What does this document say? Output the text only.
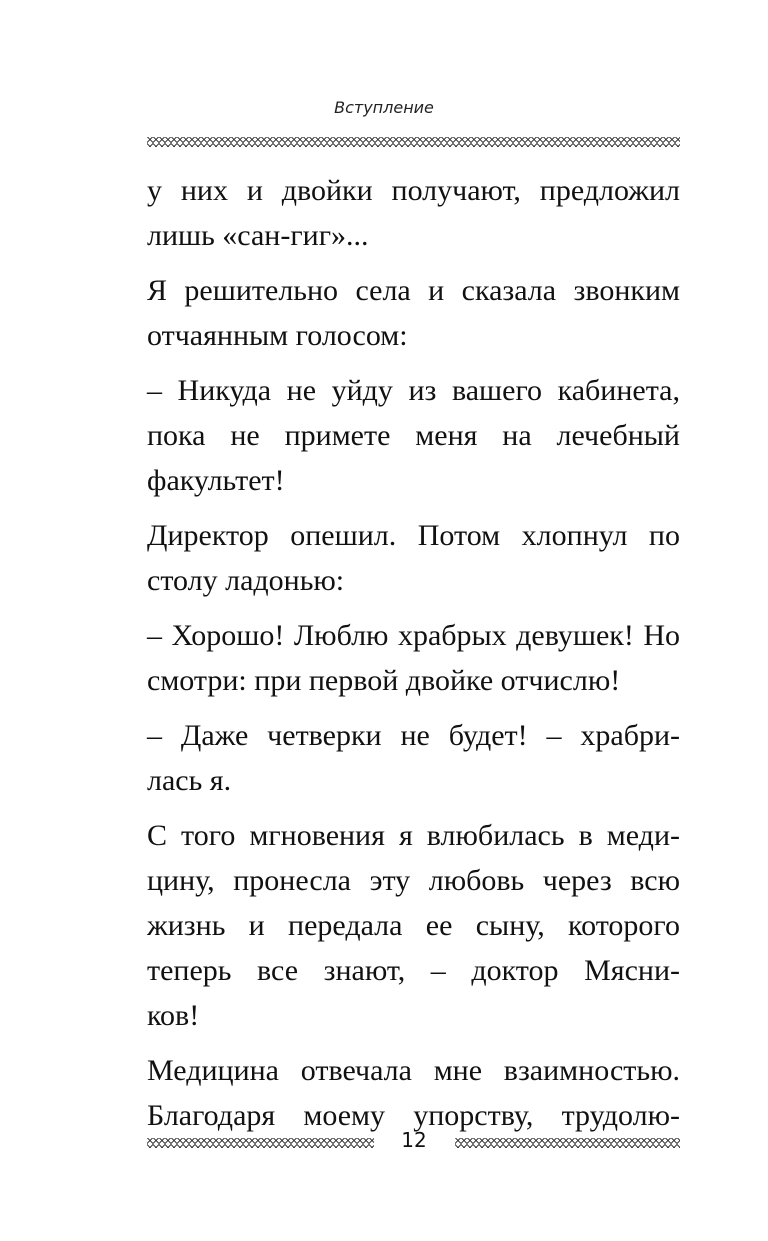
Вступление

у них и двойки получают, предложил
лишь «сан-гиг»...

Я решительно села и сказала звонким
отчаянным голосом:

– Никуда не уйду из вашего кабинета,
пока не примете меня на лечебный
факультет!

Директор опешил. Потом хлопнул по
столу ладонью:

– Хорошо! Люблю храбрых девушек! Но
смотри: при первой двойке отчислю!

– Даже четверки не будет! – храбри-
лась я.

С того мгновения я влюбилась в меди-
цину, пронесла эту любовь через всю
жизнь и передала ее сыну, которого
теперь все знают, – доктор Мясни-
ков!

Медицина отвечала мне взаимностью.
Благодаря моему упорству, трудолю-

12
